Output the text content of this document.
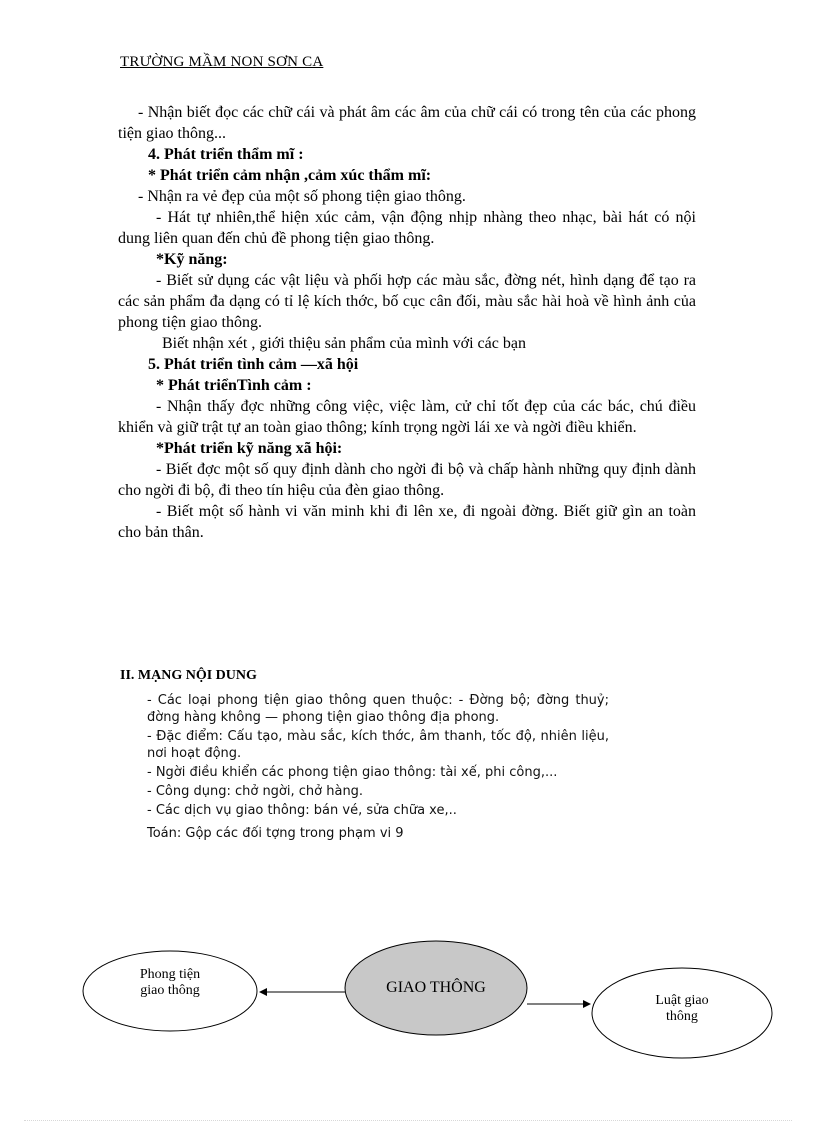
TRƯỜNG MẦM NON SƠN CA

- Nhận biết đọc các chữ cái và phát âm các âm của chữ cái có trong tên của các phong tiện giao thông...

4. Phát triển thẩm mĩ :

* Phát triển cảm nhận ,cảm xúc thẩm mĩ:

- Nhận ra vẻ đẹp của một số phong tiện giao thông.

- Hát tự nhiên,thể hiện xúc cảm, vận động nhịp nhàng theo nhạc, bài hát có nội dung liên quan đến chủ đề phong tiện giao thông.

*Kỹ năng:

- Biết sử dụng các vật liệu và phối hợp các màu sắc, đờng nét, hình dạng để tạo ra các sản phẩm đa dạng có tỉ lệ kích thớc, bố cục cân đối, màu sắc hài hoà về hình ảnh của phong tiện giao thông.

Biết nhận xét , giới thiệu sản phẩm của mình với các bạn

5. Phát triển tình cảm —xã hội

* Phát triểnTình cảm :

- Nhận thấy đợc những công việc, việc làm, cử chỉ tốt đẹp của các bác, chú điều khiển và giữ trật tự an toàn giao thông; kính trọng ngời lái xe và ngời điều khiển.

*Phát triển kỹ năng xã hội:

- Biết đợc một số quy định dành cho ngời đi bộ và chấp hành những quy định dành cho ngời đi bộ, đi theo tín hiệu của đèn giao thông.

- Biết một số hành vi văn minh khi đi lên xe, đi ngoài đờng. Biết giữ gìn an toàn cho bản thân.

II. MẠNG NỘI DUNG

- Các loại phong tiện giao thông quen thuộc: - Đờng bộ; đờng thuỷ; đờng hàng không — phong tiện giao thông địa phong.

- Đặc điểm: Cấu tạo, màu sắc, kích thớc, âm thanh, tốc độ, nhiên liệu, nơi hoạt động.

- Ngời điều khiển các phong tiện giao thông: tài xế, phi công,...

- Công dụng: chở ngời, chở hàng.

- Các dịch vụ giao thông: bán vé, sửa chữa xe,..

Toán: Gộp các đối tợng trong phạm vi 9

Phong tiện
giao thông	GIAO THÔNG
Luật giao
thông
